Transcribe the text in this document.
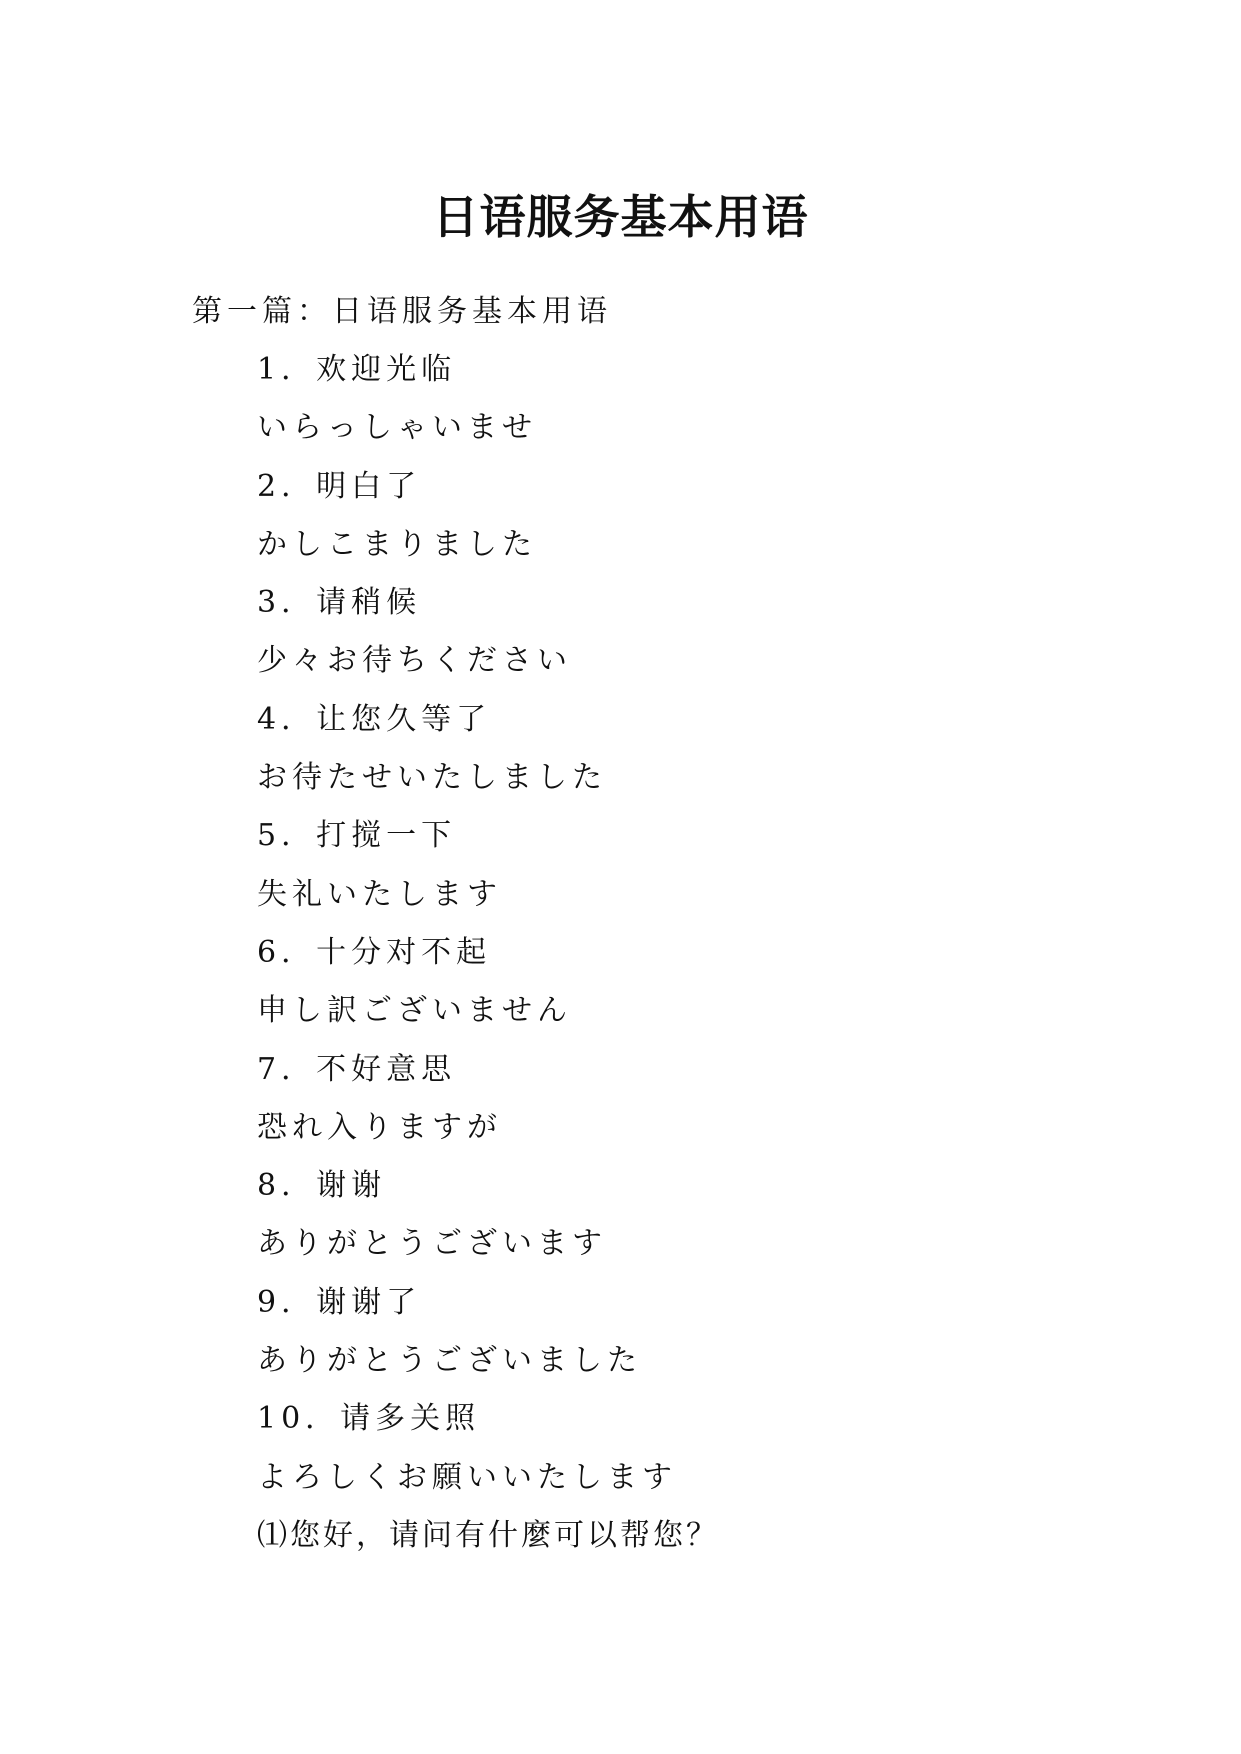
日语服务基本用语
第一篇：日语服务基本用语
1．欢迎光临
いらっしゃいませ
2．明白了
かしこまりました
3．请稍候
少々お待ちください
4．让您久等了
お待たせいたしました
5．打搅一下
失礼いたします
6．十分对不起
申し訳ございません
7．不好意思
恐れ入りますが
8．谢谢
ありがとうございます
9．谢谢了
ありがとうございました
10．请多关照
よろしくお願いいたします
⑴您好，请问有什麼可以帮您？
